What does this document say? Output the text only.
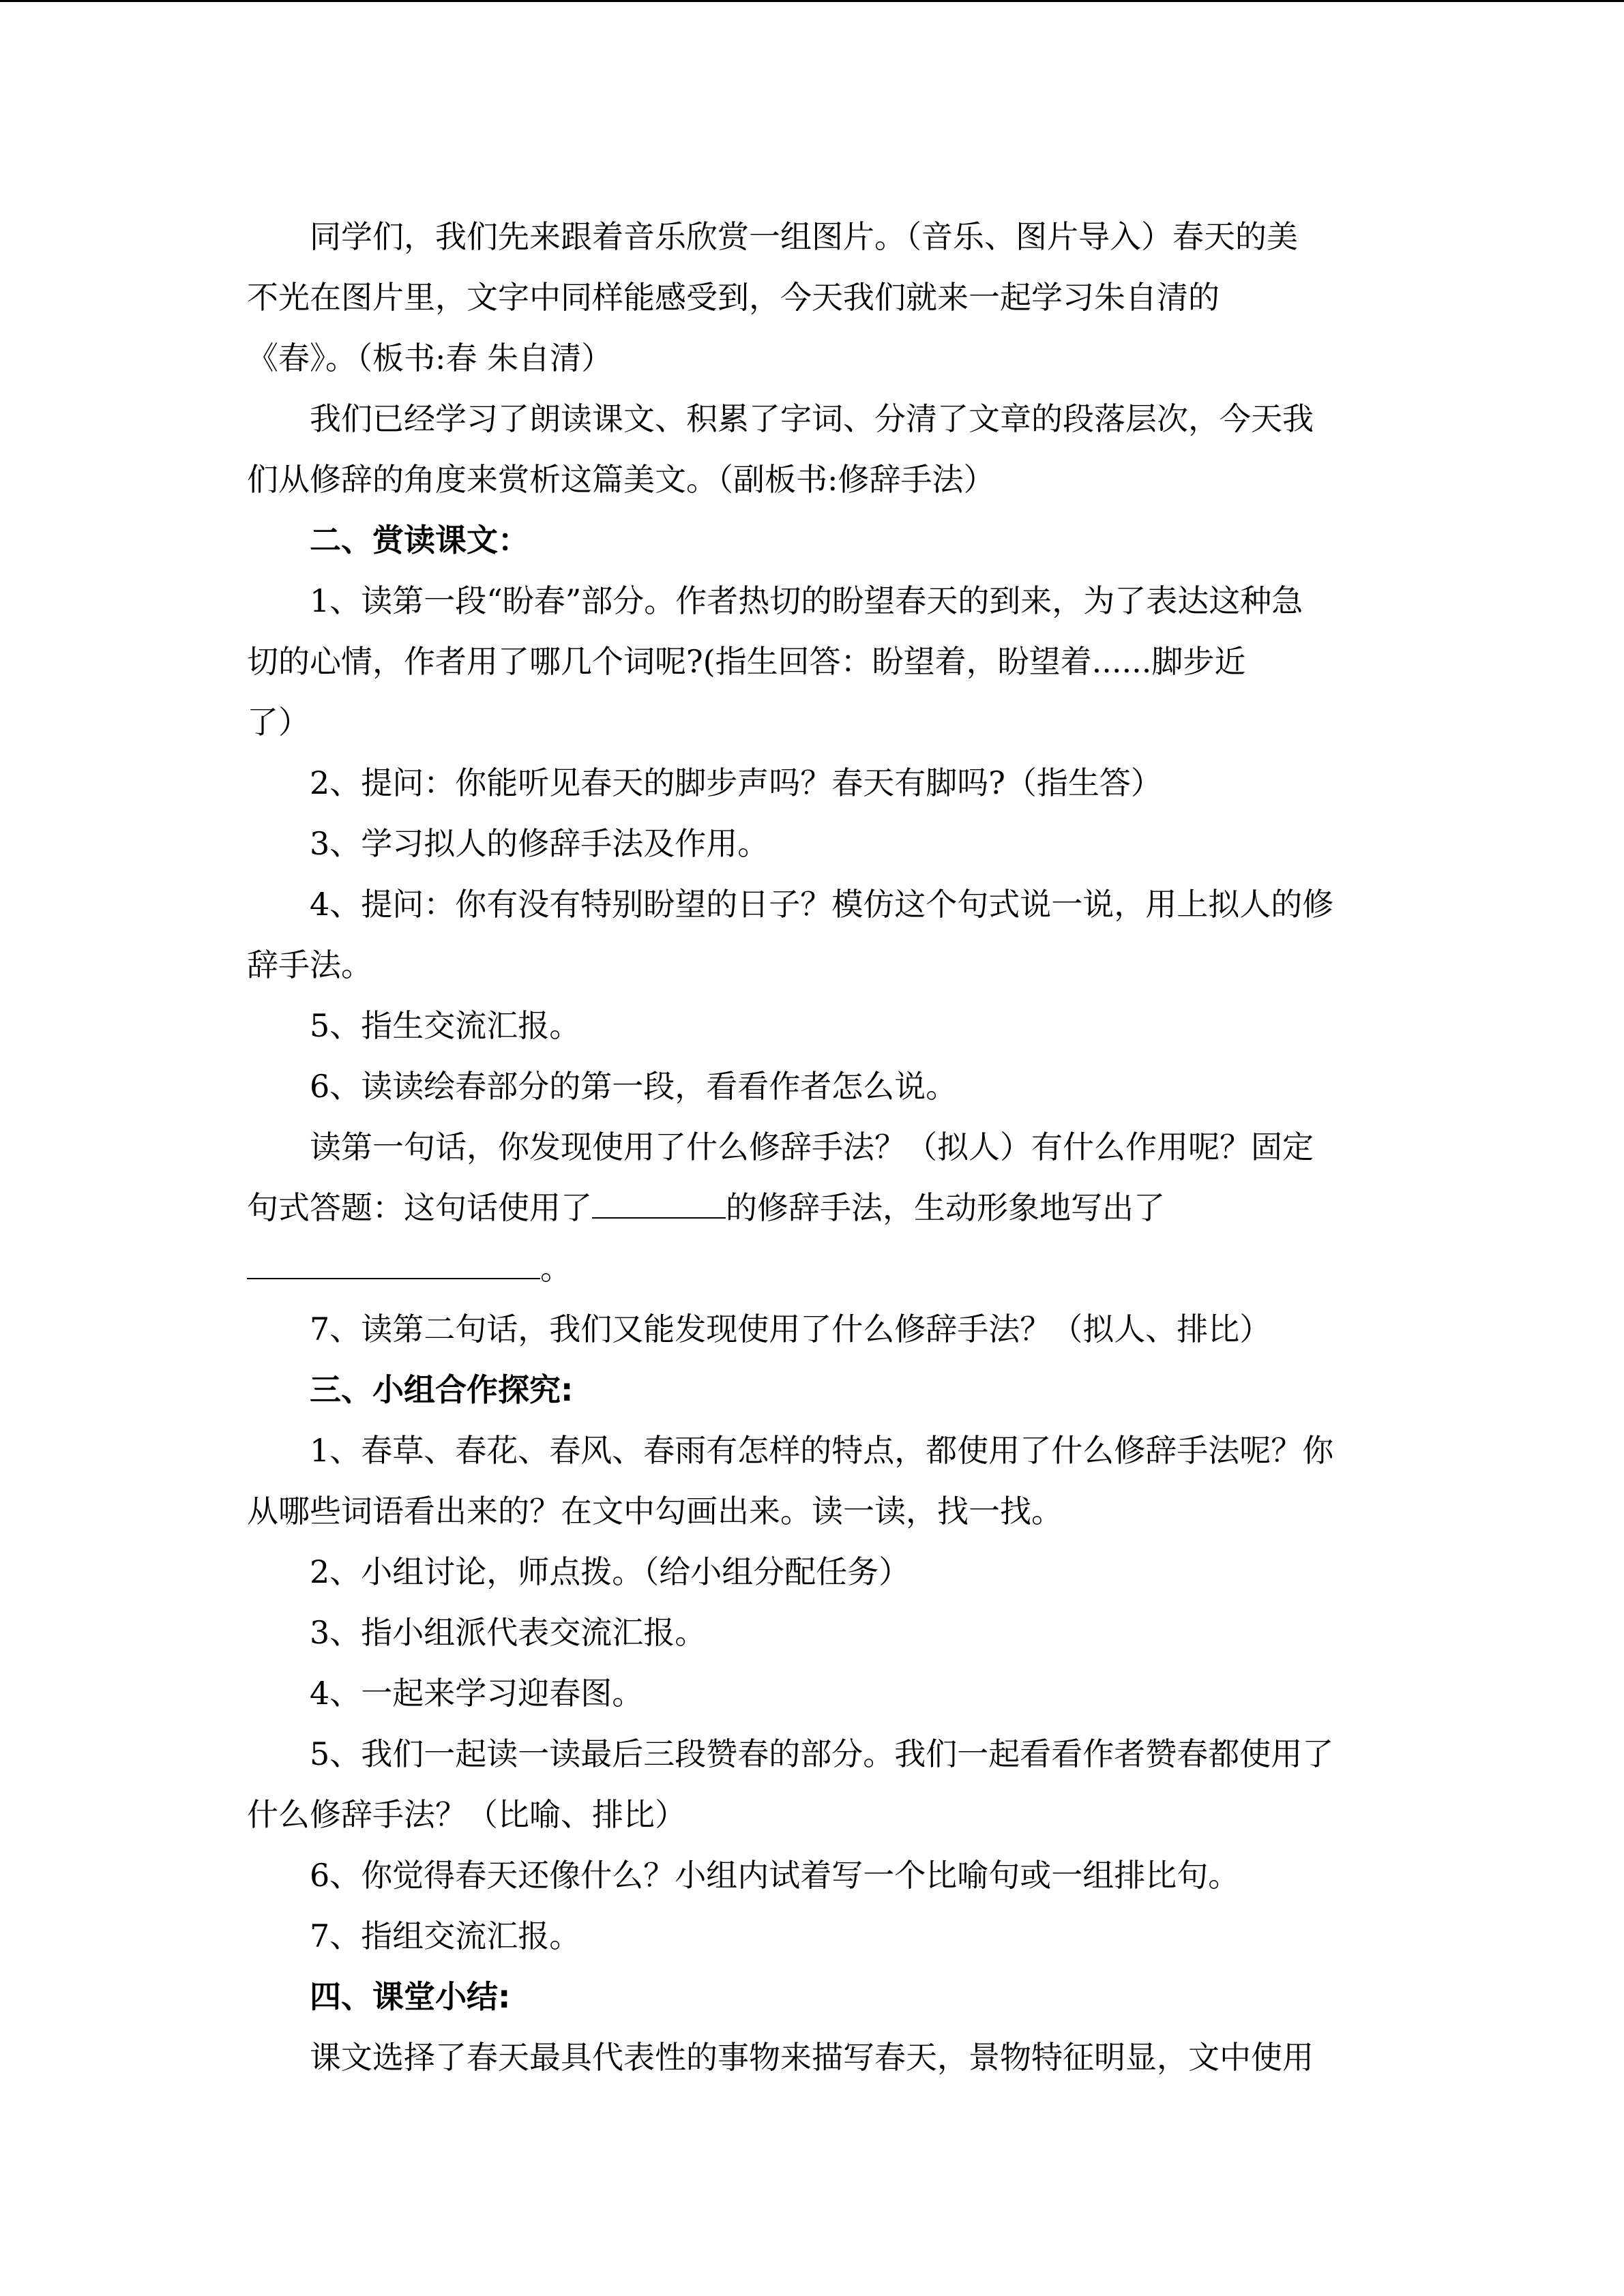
同学们，我们先来跟着音乐欣赏一组图片。（音乐、图片导入）春天的美
不光在图片里，文字中同样能感受到，今天我们就来一起学习朱自清的
《春》。（板书:春 朱自清）
我们已经学习了朗读课文、积累了字词、分清了文章的段落层次，今天我
们从修辞的角度来赏析这篇美文。（副板书:修辞手法）
二、赏读课文：
1、读第一段“盼春”部分。作者热切的盼望春天的到来，为了表达这种急
切的心情，作者用了哪几个词呢?(指生回答：盼望着，盼望着......脚步近
了）
2、提问：你能听见春天的脚步声吗？春天有脚吗?（指生答）
3、学习拟人的修辞手法及作用。
4、提问：你有没有特别盼望的日子？模仿这个句式说一说，用上拟人的修
辞手法。
5、指生交流汇报。
6、读读绘春部分的第一段，看看作者怎么说。
读第一句话，你发现使用了什么修辞手法？（拟人）有什么作用呢？固定
句式答题：这句话使用了	的修辞手法，生动形象地写出了
。
7、读第二句话，我们又能发现使用了什么修辞手法？（拟人、排比）
三、小组合作探究:
1、春草、春花、春风、春雨有怎样的特点，都使用了什么修辞手法呢？你
从哪些词语看出来的？在文中勾画出来。读一读，找一找。
2、小组讨论，师点拨。（给小组分配任务）
3、指小组派代表交流汇报。
4、一起来学习迎春图。
5、我们一起读一读最后三段赞春的部分。我们一起看看作者赞春都使用了
什么修辞手法？（比喻、排比）
6、你觉得春天还像什么？小组内试着写一个比喻句或一组排比句。
7、指组交流汇报。
四、课堂小结:
课文选择了春天最具代表性的事物来描写春天，景物特征明显，文中使用
